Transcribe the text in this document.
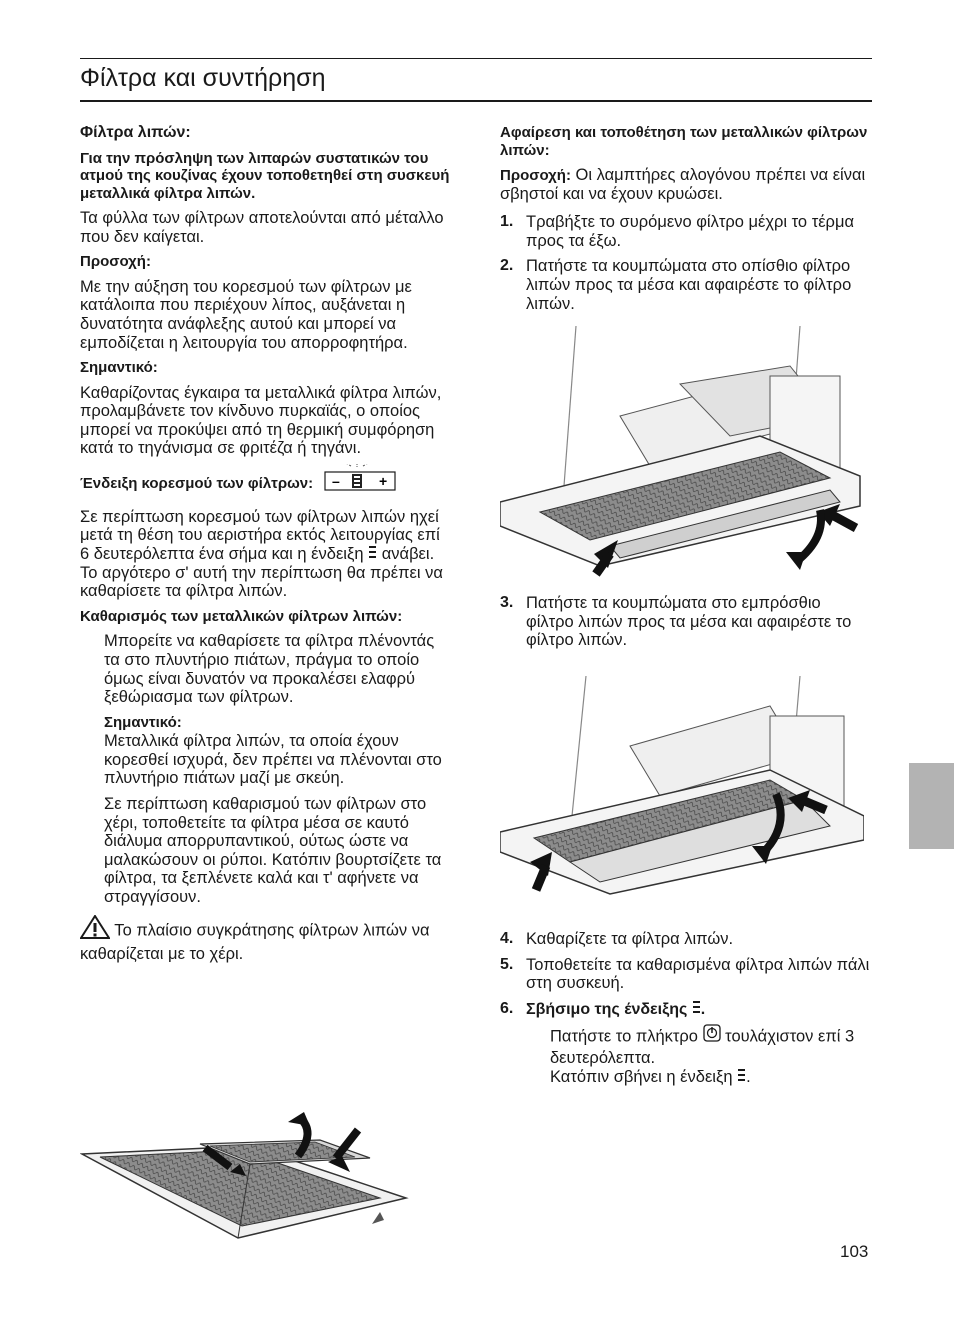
Φίλτρα και συντήρηση

Φίλτρα λιπών:

Για την πρόσληψη των λιπαρών συστατικών του ατμού της κουζίνας έχουν τοποθετηθεί στη συσκευή μεταλλικά φίλτρα λιπών.

Τα φύλλα των φίλτρων αποτελούνται από μέταλλο που δεν καίγεται.

Προσοχή:

Με την αύξηση του κορεσμού των φίλτρων με κατάλοιπα που περιέχουν λίπος, αυξάνεται η δυνατότητα ανάφλεξης αυτού και μπορεί να εμποδίζεται η λειτουργία του απορροφητήρα.

Σημαντικό:

Καθαρίζοντας έγκαιρα τα μεταλλικά φίλτρα λιπών, προλαμβάνετε τον κίνδυνο πυρκαϊάς, ο οποίος μπορεί να προκύψει από τη θερμική συμφόρηση κατά το τηγάνισμα σε φριτέζα ή τηγάνι.

Ένδειξη κορεσμού των φίλτρων: –	+

Σε περίπτωση κορεσμού των φίλτρων λιπών ηχεί μετά τη θέση του αεριστήρα εκτός λειτουργίας επί 6 δευτερόλεπτα ένα σήμα και η ένδειξη ανάβει. Το αργότερο σ' αυτή την περίπτωση θα πρέπει να καθαρίσετε τα φίλτρα λιπών.

Καθαρισμός των μεταλλικών φίλτρων λιπών:

Μπορείτε να καθαρίσετε τα φίλτρα πλένοντάς τα στο πλυντήριο πιάτων, πράγμα το οποίο όμως είναι δυνατόν να προκαλέσει ελαφρύ ξεθώριασμα των φίλτρων.

Σημαντικό:

Μεταλλικά φίλτρα λιπών, τα οποία έχουν κορεσθεί ισχυρά, δεν πρέπει να πλένονται στο πλυντήριο πιάτων μαζί με σκεύη.

Σε περίπτωση καθαρισμού των φίλτρων στο χέρι, τοποθετείτε τα φίλτρα μέσα σε καυτό διάλυμα απορρυπαντικού, ούτως ώστε να μαλακώσουν οι ρύποι. Κατόπιν βουρτσίζετε τα φίλτρα, τα ξεπλένετε καλά και τ' αφήνετε να στραγγίσουν.

Το πλαίσιο συγκράτησης φίλτρων λιπών να καθαρίζεται με το χέρι.

Αφαίρεση και τοποθέτηση των μεταλλικών φίλτρων λιπών:

Προσοχή: Οι λαμπτήρες αλογόνου πρέπει να είναι σβηστοί και να έχουν κρυώσει.

1. Τραβήξτε το συρόμενο φίλτρο μέχρι το τέρμα προς τα έξω.

2. Πατήστε τα κουμπώματα στο οπίσθιο φίλτρο λιπών προς τα μέσα και αφαιρέστε το φίλτρο λιπών.

3. Πατήστε τα κουμπώματα στο εμπρόσθιο φίλτρο λιπών προς τα μέσα και αφαιρέστε το φίλτρο λιπών.

4. Καθαρίζετε τα φίλτρα λιπών.

5. Τοποθετείτε τα καθαρισμένα φίλτρα λιπών πάλι στη συσκευή.

6. Σβήσιμο της ένδειξης .

Πατήστε το πλήκτρο τουλάχιστον επί 3 δευτερόλεπτα.

Κατόπιν σβήνει η ένδειξη .

103
